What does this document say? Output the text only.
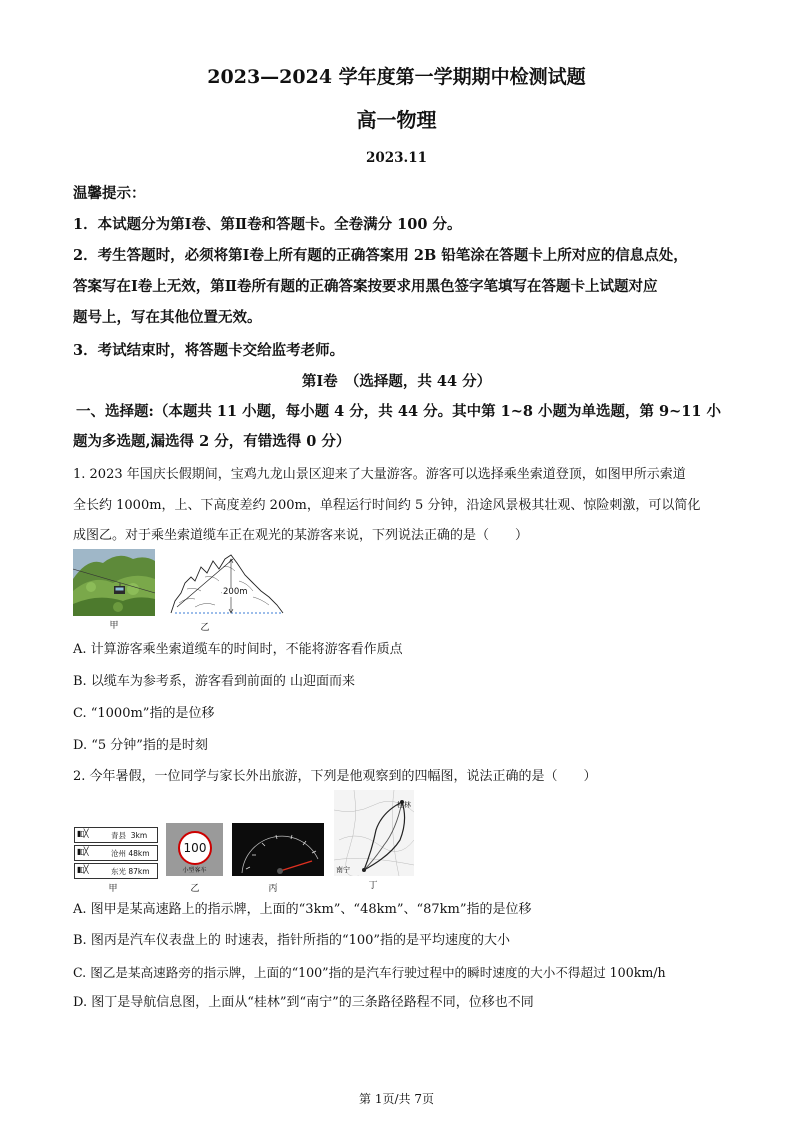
2023—2024 学年度第一学期期中检测试题
高一物理
2023.11
温馨提示：
1．本试题分为第Ⅰ卷、第Ⅱ卷和答题卡。全卷满分 100 分。
2．考生答题时，必须将第Ⅰ卷上所有题的正确答案用 2B 铅笔涂在答题卡上所对应的信息点处，
答案写在Ⅰ卷上无效，第Ⅱ卷所有题的正确答案按要求用黑色签字笔填写在答题卡上试题对应
题号上，写在其他位置无效。
3．考试结束时，将答题卡交给监考老师。
第Ⅰ卷　（选择题，共 44 分）
一、选择题:（本题共 11 小题，每小题 4 分，共 44 分。其中第 1~8 小题为单选题，第 9~11 小
题为多选题,漏选得 2 分，有错选得 0 分）
1. 2023 年国庆长假期间，宝鸡九龙山景区迎来了大量游客。游客可以选择乘坐索道登顶，如图甲所示索道
全长约 1000m，上、下高度差约 200m，单程运行时间约 5 分钟，沿途风景极其壮观、惊险刺激，可以简化
成图乙。对于乘坐索道缆车正在观光的某游客来说，下列说法正确的是（　　）
甲
200m
乙
A. 计算游客乘坐索道缆车的时间时，不能将游客看作质点
B. 以缆车为参考系，游客看到前面的 山迎面而来
C. “1000m”指的是位移
D. “5 分钟”指的是时刻
2. 今年暑假，一位同学与家长外出旅游，下列是他观察到的四幅图，说法正确的是（　　）
▮▯╳	青县 3km
▮▯╳	沧州 48km
▮▯╳	东光 87km
甲
100
小型客车
乙	丙
桂林
南宁
丁
A. 图甲是某高速路上的指示牌，上面的“3km”、“48km”、“87km”指的是位移
B. 图丙是汽车仪表盘上的 时速表，指针所指的“100”指的是平均速度的大小
C. 图乙是某高速路旁的指示牌，上面的“100”指的是汽车行驶过程中的瞬时速度的大小不得超过 100km/h
D. 图丁是导航信息图，上面从“桂林”到“南宁”的三条路径路程不同，位移也不同
第 1页/共 7页
